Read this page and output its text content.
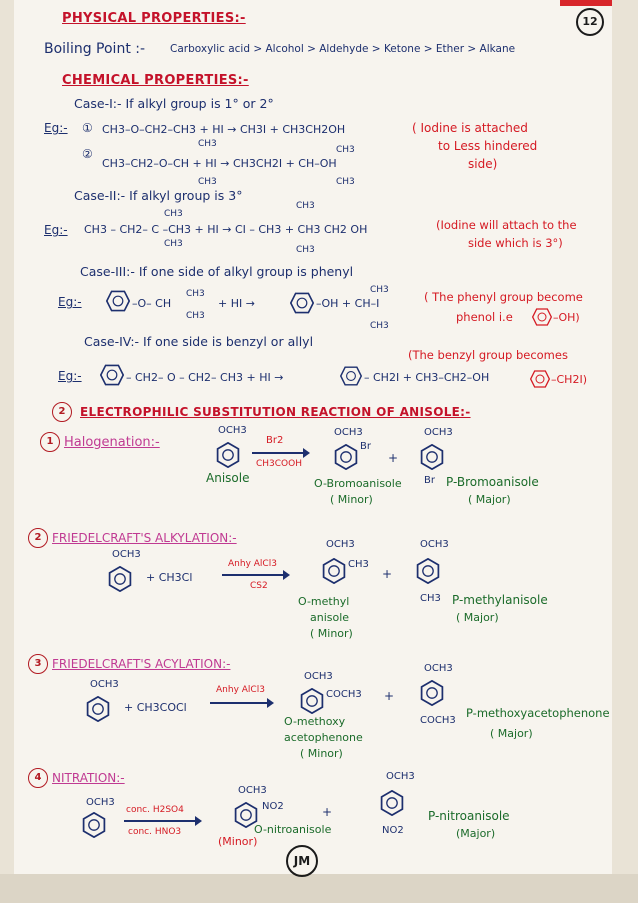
12
PHYSICAL PROPERTIES:-
Boiling Point :- Carboxylic acid > Alcohol > Aldehyde > Ketone > Ether > Alkane
CHEMICAL PROPERTIES:-
Case-I:- If alkyl group is 1° or 2°
Eg:- ① CH3–O–CH2–CH3 + HI → CH3I + CH3CH2OH	( Iodine is attached
to Less hindered
side)
CH3
CH3
②
CH3–CH2–O–CH + HI → CH3CH2I + CH–OH
CH3	CH3
Case-II:- If alkyl group is 3°
CH3
CH3
Eg:- CH3 – CH2– C –CH3 + HI → CI – CH3 + CH3 CH2 OH
CH3
CH3
(Iodine will attach to the
side which is 3°)
Case-III:- If one side of alkyl group is phenyl
Eg:-	–O– CH
CH3
CH3
+ HI →	–OH + CH–I
CH3
CH3
( The phenyl group become
phenol i.e	–OH)
Case-IV:- If one side is benzyl or allyl
(The benzyl group becomes
Eg:-	– CH2– O – CH2– CH3 + HI →	– CH2I + CH3–CH2–OH	–CH2I)
2	ELECTROPHILIC SUBSTITUTION REACTION OF ANISOLE:-
1 Halogenation:-
OCH3
Anisole
Br2
CH3COOH
OCH3
Br
+
OCH3
Br
O-Bromoanisole
( Minor)
P-Bromoanisole
( Major)
2 FRIEDELCRAFT'S ALKYLATION:-
OCH3
+ CH3Cl
Anhy AlCl3
CS2
OCH3
CH3
+
OCH3
CH3 P-methylanisole
( Major)
O-methyl
anisole
( Minor)
3 FRIEDELCRAFT'S ACYLATION:-
OCH3
+ CH3COCl
Anhy AlCl3
OCH3
COCH3 +
OCH3
COCH3
P-methoxyacetophenone
( Major)
O-methoxy
acetophenone
( Minor)
4 NITRATION:-
OCH3
conc. H2SO4
conc. HNO3
OCH3
NO2	+
O-nitroanisole
(Minor)
OCH3
NO2
P-nitroanisole
(Major)
JM
